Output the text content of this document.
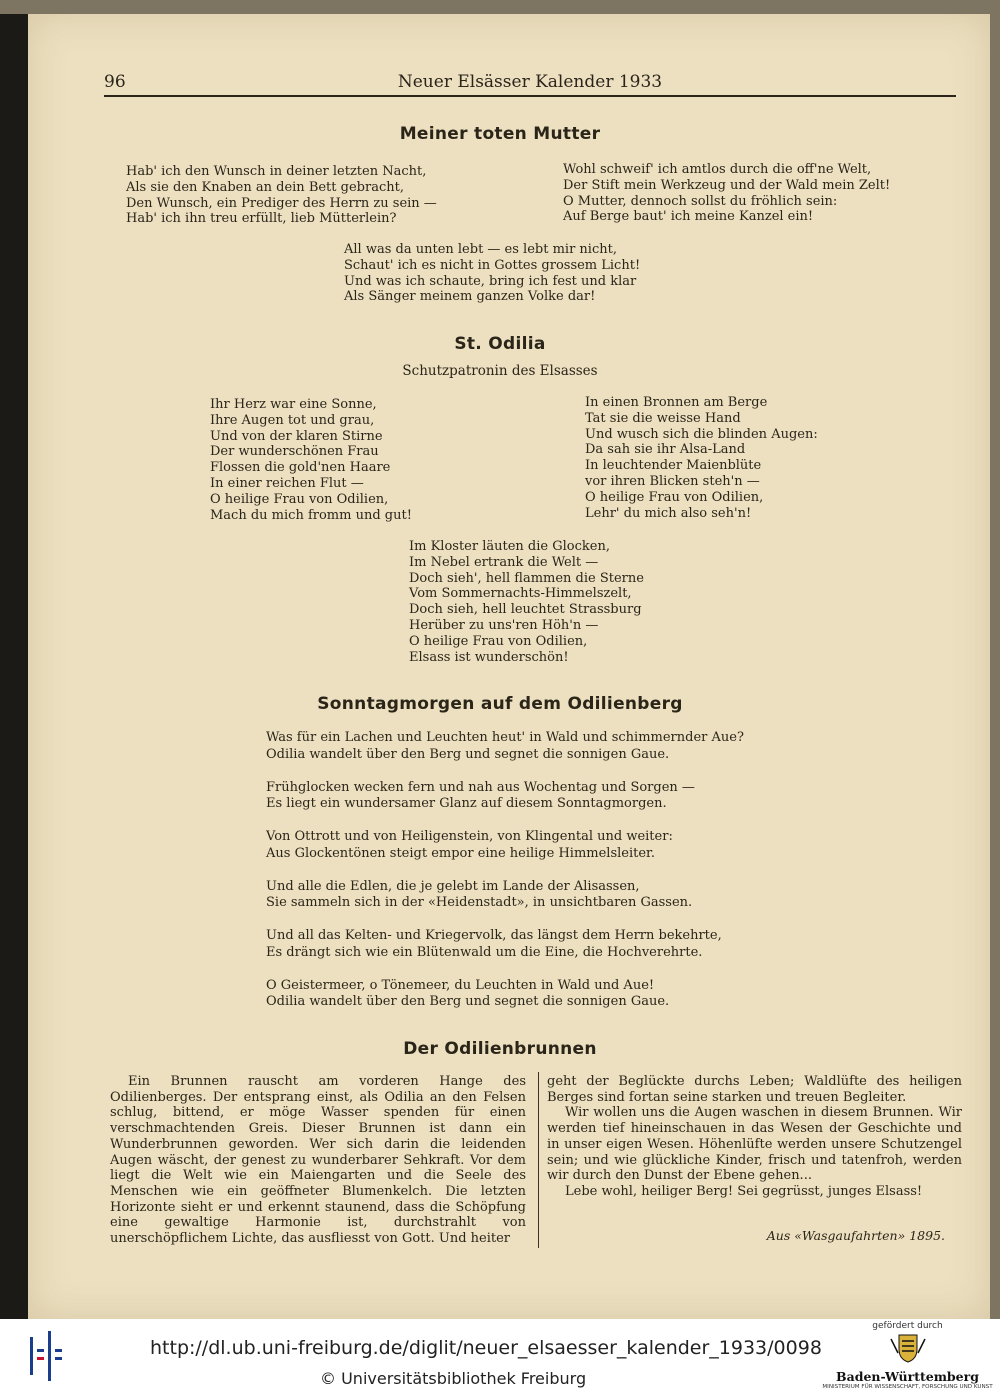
96	Neuer Elsässer Kalender 1933
Meiner toten Mutter
Hab' ich den Wunsch in deiner letzten Nacht,
Als sie den Knaben an dein Bett gebracht,
Den Wunsch, ein Prediger des Herrn zu sein —
Hab' ich ihn treu erfüllt, lieb Mütterlein?
Wohl schweif' ich amtlos durch die off'ne Welt,
Der Stift mein Werkzeug und der Wald mein Zelt!
O Mutter, dennoch sollst du fröhlich sein:
Auf Berge baut' ich meine Kanzel ein!
All was da unten lebt — es lebt mir nicht,
Schaut' ich es nicht in Gottes grossem Licht!
Und was ich schaute, bring ich fest und klar
Als Sänger meinem ganzen Volke dar!
St. Odilia
Schutzpatronin des Elsasses
Ihr Herz war eine Sonne,
Ihre Augen tot und grau,
Und von der klaren Stirne
Der wunderschönen Frau
Flossen die gold'nen Haare
In einer reichen Flut —
O heilige Frau von Odilien,
Mach du mich fromm und gut!
In einen Bronnen am Berge
Tat sie die weisse Hand
Und wusch sich die blinden Augen:
Da sah sie ihr Alsa-Land
In leuchtender Maienblüte
vor ihren Blicken steh'n —
O heilige Frau von Odilien,
Lehr' du mich also seh'n!
Im Kloster läuten die Glocken,
Im Nebel ertrank die Welt —
Doch sieh', hell flammen die Sterne
Vom Sommernachts-Himmelszelt,
Doch sieh, hell leuchtet Strassburg
Herüber zu uns'ren Höh'n —
O heilige Frau von Odilien,
Elsass ist wunderschön!
Sonntagmorgen auf dem Odilienberg
Was für ein Lachen und Leuchten heut' in Wald und schimmernder Aue?
Odilia wandelt über den Berg und segnet die sonnigen Gaue.

Frühglocken wecken fern und nah aus Wochentag und Sorgen —
Es liegt ein wundersamer Glanz auf diesem Sonntagmorgen.

Von Ottrott und von Heiligenstein, von Klingental und weiter:
Aus Glockentönen steigt empor eine heilige Himmelsleiter.

Und alle die Edlen, die je gelebt im Lande der Alisassen,
Sie sammeln sich in der «Heidenstadt», in unsichtbaren Gassen.

Und all das Kelten- und Kriegervolk, das längst dem Herrn bekehrte,
Es drängt sich wie ein Blütenwald um die Eine, die Hochverehrte.

O Geistermeer, o Tönemeer, du Leuchten in Wald und Aue!
Odilia wandelt über den Berg und segnet die sonnigen Gaue.
Der Odilienbrunnen

Ein Brunnen rauscht am vorderen Hange des Odilienberges. Der entsprang einst, als Odilia an den Felsen schlug, bittend, er möge Wasser spenden für einen verschmachtenden Greis. Dieser Brunnen ist dann ein Wunderbrunnen geworden. Wer sich darin die leidenden Augen wäscht, der genest zu wunderbarer Sehkraft. Vor dem liegt die Welt wie ein Maiengarten und die Seele des Menschen wie ein geöffneter Blumenkelch. Die letzten Horizonte sieht er und erkennt staunend, dass die Schöpfung eine gewaltige Harmonie ist, durchstrahlt von unerschöpflichem Lichte, das ausfliesst von Gott. Und heiter

geht der Beglückte durchs Leben; Waldlüfte des heiligen Berges sind fortan seine starken und treuen Begleiter.

Wir wollen uns die Augen waschen in diesem Brunnen. Wir werden tief hineinschauen in das Wesen der Geschichte und in unser eigen Wesen. Höhenlüfte werden unsere Schutzengel sein; und wie glückliche Kinder, frisch und tatenfroh, werden wir durch den Dunst der Ebene gehen...

Lebe wohl, heiliger Berg! Sei gegrüsst, junges Elsass!

Aus «Wasgaufahrten» 1895.
http://dl.ub.uni-freiburg.de/diglit/neuer_elsaesser_kalender_1933/0098
© Universitätsbibliothek Freiburg
gefördert durch
Baden-Württemberg
MINISTERIUM FÜR WISSENSCHAFT, FORSCHUNG UND KUNST
